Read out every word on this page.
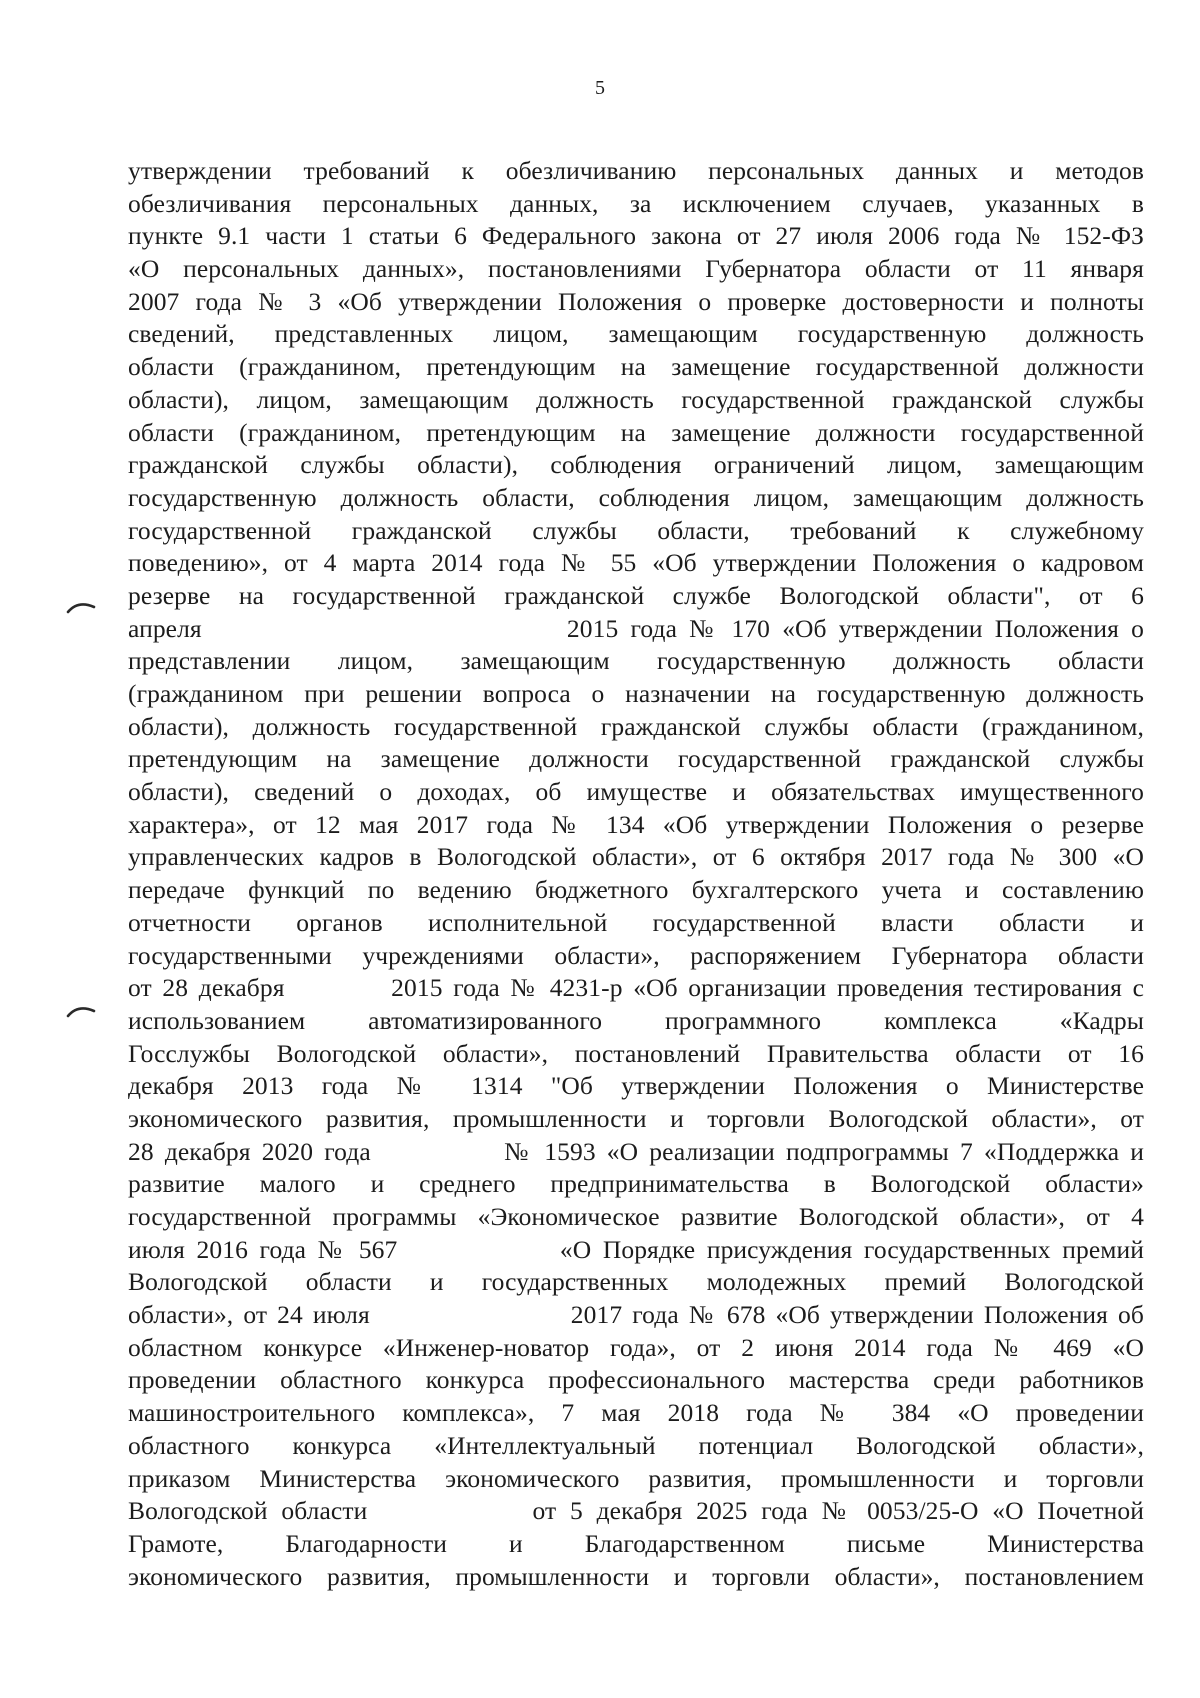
5
утверждении требований к обезличиванию персональных данных и методов
обезличивания персональных данных, за исключением случаев, указанных в
пункте 9.1 части 1 статьи 6 Федерального закона от 27 июля 2006 года № 152-ФЗ
«О персональных данных», постановлениями Губернатора области от 11 января
2007 года № 3 «Об утверждении Положения о проверке достоверности и полноты
сведений, представленных лицом, замещающим государственную должность
области (гражданином, претендующим на замещение государственной должности
области), лицом, замещающим должность государственной гражданской службы
области (гражданином, претендующим на замещение должности государственной
гражданской службы области), соблюдения ограничений лицом, замещающим
государственную должность области, соблюдения лицом, замещающим должность
государственной гражданской службы области, требований к служебному
поведению», от 4 марта 2014 года № 55 «Об утверждении Положения о кадровом
резерве на государственной гражданской службе Вологодской области", от 6
апреля                              2015 года № 170 «Об утверждении Положения о
представлении лицом, замещающим государственную должность области
(гражданином при решении вопроса о назначении на государственную должность
области), должность государственной гражданской службы области (гражданином,
претендующим на замещение должности государственной гражданской службы
области), сведений о доходах, об имуществе и обязательствах имущественного
характера», от 12 мая 2017 года № 134 «Об утверждении Положения о резерве
управленческих кадров в Вологодской области», от 6 октября 2017 года № 300 «О
передаче функций по ведению бюджетного бухгалтерского учета и составлению
отчетности органов исполнительной государственной власти области и
государственными учреждениями области», распоряжением Губернатора области
от 28 декабря          2015 года № 4231-р «Об организации проведения тестирования с
использованием автоматизированного программного комплекса «Кадры
Госслужбы Вологодской области», постановлений Правительства области от 16
декабря 2013 года № 1314 "Об утверждении Положения о Министерстве
экономического развития, промышленности и торговли Вологодской области», от
28 декабря 2020 года            № 1593 «О реализации подпрограммы 7 «Поддержка и
развитие малого и среднего предпринимательства в Вологодской области»
государственной программы «Экономическое развитие Вологодской области», от 4
июля 2016 года № 567              «О Порядке присуждения государственных премий
Вологодской области и государственных молодежных премий Вологодской
области», от 24 июля                    2017 года № 678 «Об утверждении Положения об
областном конкурсе «Инженер-новатор года», от 2 июня 2014 года № 469 «О
проведении областного конкурса профессионального мастерства среди работников
машиностроительного комплекса», 7 мая 2018 года № 384 «О проведении
областного конкурса «Интеллектуальный потенциал Вологодской области»,
приказом Министерства экономического развития, промышленности и торговли
Вологодской области            от 5 декабря 2025 года № 0053/25-О «О Почетной
Грамоте, Благодарности и Благодарственном письме Министерства
экономического развития, промышленности и торговли области», постановлением
